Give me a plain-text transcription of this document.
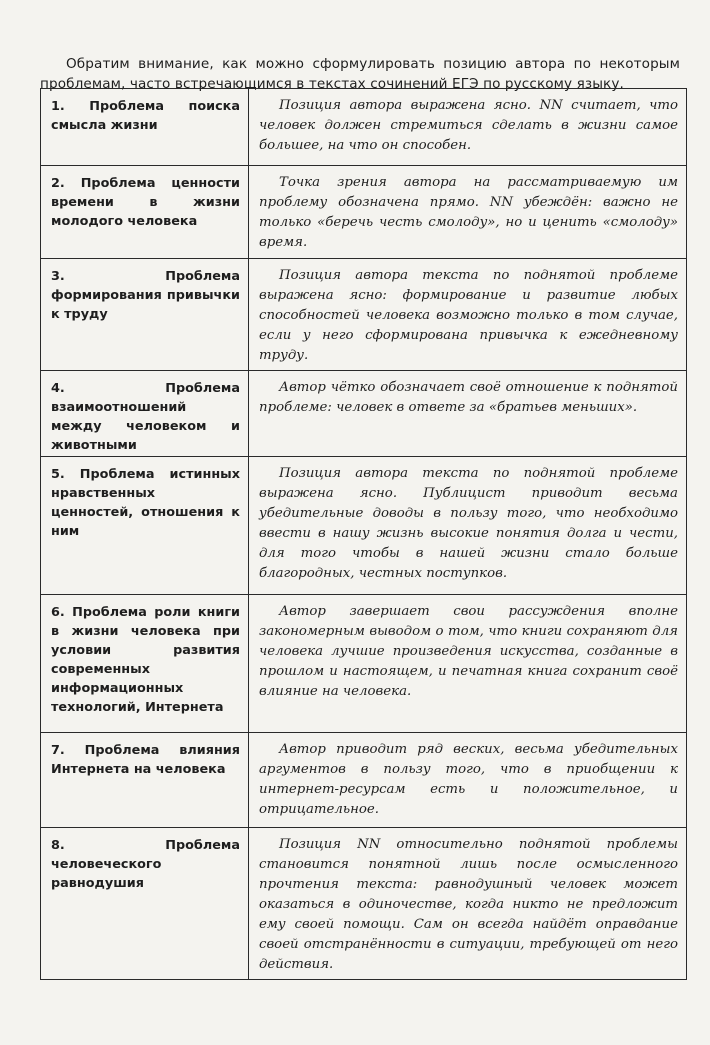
Обратим внимание, как можно сформулировать позицию автора по некоторым проблемам, часто встречающимся в текстах сочинений ЕГЭ по русскому языку.

1. Проблема поиска смысла жизни	Позиция автора выражена ясно. NN считает, что человек должен стремиться сделать в жизни самое большее, на что он способен.
2. Проблема ценности времени в жизни молодого человека	Точка зрения автора на рассматриваемую им проблему обозначена прямо. NN убеждён: важно не только «беречь честь смолоду», но и ценить «смолоду» время.
3. Проблема формирования привычки к труду	Позиция автора текста по поднятой проблеме выражена ясно: формирование и развитие любых способностей человека возможно только в том случае, если у него сформирована привычка к ежедневному труду.
4. Проблема взаимоотношений между человеком и животными	Автор чётко обозначает своё отношение к поднятой проблеме: человек в ответе за «братьев меньших».
5. Проблема истинных нравственных ценностей, отношения к ним	Позиция автора текста по поднятой проблеме выражена ясно. Публицист приводит весьма убедительные доводы в пользу того, что необходимо ввести в нашу жизнь высокие понятия долга и чести, для того чтобы в нашей жизни стало больше благородных, честных поступков.
6. Проблема роли книги в жизни человека при условии развития современных информационных технологий, Интернета	Автор завершает свои рассуждения вполне закономерным выводом о том, что книги сохраняют для человека лучшие произведения искусства, созданные в прошлом и настоящем, и печатная книга сохранит своё влияние на человека.
7. Проблема влияния Интернета на человека	Автор приводит ряд веских, весьма убедительных аргументов в пользу того, что в приобщении к интернет-ресурсам есть и положительное, и отрицательное.
8. Проблема человеческого равнодушия	Позиция NN относительно поднятой проблемы становится понятной лишь после осмысленного прочтения текста: равнодушный человек может оказаться в одиночестве, когда никто не предложит ему своей помощи. Сам он всегда найдёт оправдание своей отстранённости в ситуации, требующей от него действия.
